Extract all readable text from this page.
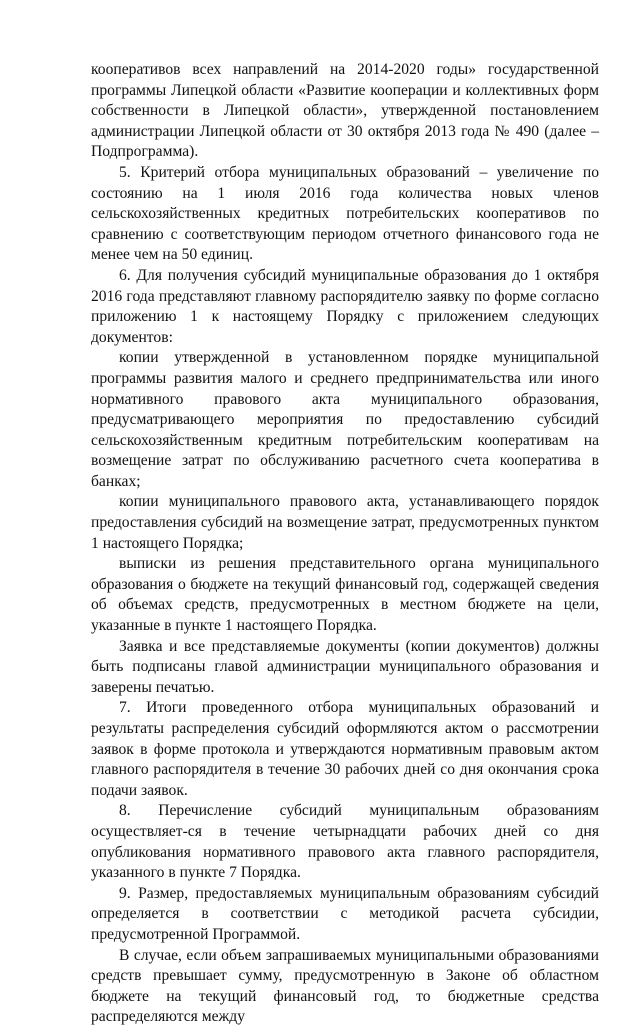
кооперативов всех направлений на 2014-2020 годы» государственной программы Липецкой области «Развитие кооперации и коллективных форм собственности в Липецкой области», утвержденной постановлением администрации Липецкой области от 30 октября 2013 года № 490 (далее – Подпрограмма).

5. Критерий отбора муниципальных образований – увеличение по состоянию на 1 июля 2016 года количества новых членов сельскохозяйственных кредитных потребительских кооперативов по сравнению с соответствующим периодом отчетного финансового года не менее чем на 50 единиц.

6. Для получения субсидий муниципальные образования до 1 октября 2016 года представляют главному распорядителю заявку по форме согласно приложению 1 к настоящему Порядку с приложением следующих документов:

копии утвержденной в установленном порядке муниципальной программы развития малого и среднего предпринимательства или иного нормативного правового акта муниципального образования, предусматривающего мероприятия по предоставлению субсидий сельскохозяйственным кредитным потребительским кооперативам на возмещение затрат по обслуживанию расчетного счета кооператива в банках;

копии муниципального правового акта, устанавливающего порядок предоставления субсидий на возмещение затрат, предусмотренных пунктом 1 настоящего Порядка;

выписки из решения представительного органа муниципального образования о бюджете на текущий финансовый год, содержащей сведения об объемах средств, предусмотренных в местном бюджете на цели, указанные в пункте 1 настоящего Порядка.

Заявка и все представляемые документы (копии документов) должны быть подписаны главой администрации муниципального образования и заверены печатью.

7. Итоги проведенного отбора муниципальных образований и результаты распределения субсидий оформляются актом о рассмотрении заявок в форме протокола и утверждаются нормативным правовым актом главного распорядителя в течение 30 рабочих дней со дня окончания срока подачи заявок.

8. Перечисление субсидий муниципальным образованиям осуществляет-ся в течение четырнадцати рабочих дней со дня опубликования нормативного правового акта главного распорядителя, указанного в пункте 7 Порядка.

9. Размер, предоставляемых муниципальным образованиям субсидий определяется в соответствии с методикой расчета субсидии, предусмотренной Программой.

В случае, если объем запрашиваемых муниципальными образованиями средств превышает сумму, предусмотренную в Законе об областном бюджете на текущий финансовый год, то бюджетные средства распределяются между
